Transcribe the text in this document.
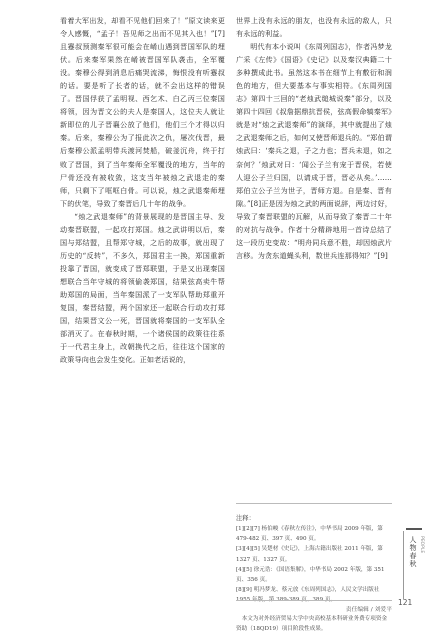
看着大军出发，却看不见他们回来了！”原文读来更令人感慨，“孟子！吾见师之出而不见其入也！”[7]且蹇叔预测秦军很可能会在崤山遇到晋国军队的埋伏。后来秦军果然在崤被晋国军队袭击，全军覆没。秦穆公得到消息后痛哭流涕，悔恨没有听蹇叔的话。要是听了长者的话，就不会出这样的错误了。晋国俘获了孟明视、西乞术、白乙丙三位秦国将领，因为晋文公的夫人是秦国人，这位夫人就让新即位的儿子晋襄公放了他们，他们三个才得以归秦。后来，秦穆公为了报此次之仇，屡次伐晋，最后秦穆公派孟明带兵渡河焚船，破釜沉舟，终于打败了晋国，到了当年秦师全军覆没的地方，当年的尸骨还没有被收敛，这支当年被烛之武退走的秦师，只剩下了哐哐白骨。可以说，烛之武退秦师埋下的伏笔，导致了秦晋后几十年的战争。

“烛之武退秦师”的背景展现的是晋国主导、发动秦晋联盟，一起攻打郑国。烛之武讲明以后，秦国与郑结盟，且帮郑守城，之后的故事，就出现了历史的“反转”，不多久，郑国君主一换，郑国重新投靠了晋国，就变成了晋郑联盟，于是又出现秦国想联合当年守城的将领偷袭郑国，结果弦高卖牛帮助郑国的局面，当年秦国派了一支军队帮助郑重开复国，秦晋结盟，两个国家还一起联合行动攻打郑国，结果晋文公一死，晋国就将秦国的一支军队全部消灭了。在春秋时期，一个诸侯国的政策往往系于一代君主身上，改朝换代之后，往往这个国家的政策导向也会发生变化。正如老话说的，

世界上没有永远的朋友，也没有永远的敌人，只有永远的利益。

明代有本小说叫《东周列国志》，作者冯梦龙广采《左传》《国语》《史记》以及秦汉典籍二十多种撰成此书。虽然这本书在细节上有敷衍和润色的地方，但大要基本与事实相符。《东周列国志》第四十三回的“老烛武缒城说秦”部分，以及第四十四回《叔詹据鼎抗晋侯，弦高假命犒秦军》就是对“烛之武退秦师”的演绎，其中就提出了烛之武退秦师之后，如何又使晋师退兵的。“郑伯谓烛武曰：‘秦兵之退，子之力也；晋兵未退，如之奈何？’烛武对曰：‘闻公子兰有宠于晋侯，若使人迎公子兰归国，以请成于晋，晋必从矣。’……郑伯立公子兰为世子，晋师方退。自是秦、晋有隙。”[8]正是因为烛之武的两面说辞，两边讨好，导致了秦晋联盟的瓦解，从而导致了秦晋二十年的对抗与战争。作者十分精辟地用一首诗总结了这一段历史变故：“明舟同兵意不胜，却因烛武片言移。为贪东道蝇头利，数世兵连那得知？”[9]

注释：

[1][2][7] 杨伯峻《春秋左传注》，中华书局 2009 年版，第 479-482 页、397 页、490 页。

[3][4][5] 吴楚材《史记》，上海古籍出版社 2011 年版，第 1327 页、1327 页。

[4][5] 徐元诰：《国语集解》，中华书局 2002 年版，第 351 页、356 页。

[8][9] 明冯梦龙、蔡元放《东周列国志》，人民文学出版社 1955 年版，第 389-389 页、389 页。

本文为对外经济贸易大学中央高校基本科研业务费专项资金资助（18QD19）项目阶段性成果。

责任编辑 / 刘爱平
121
人物春秋 PEOPLE
